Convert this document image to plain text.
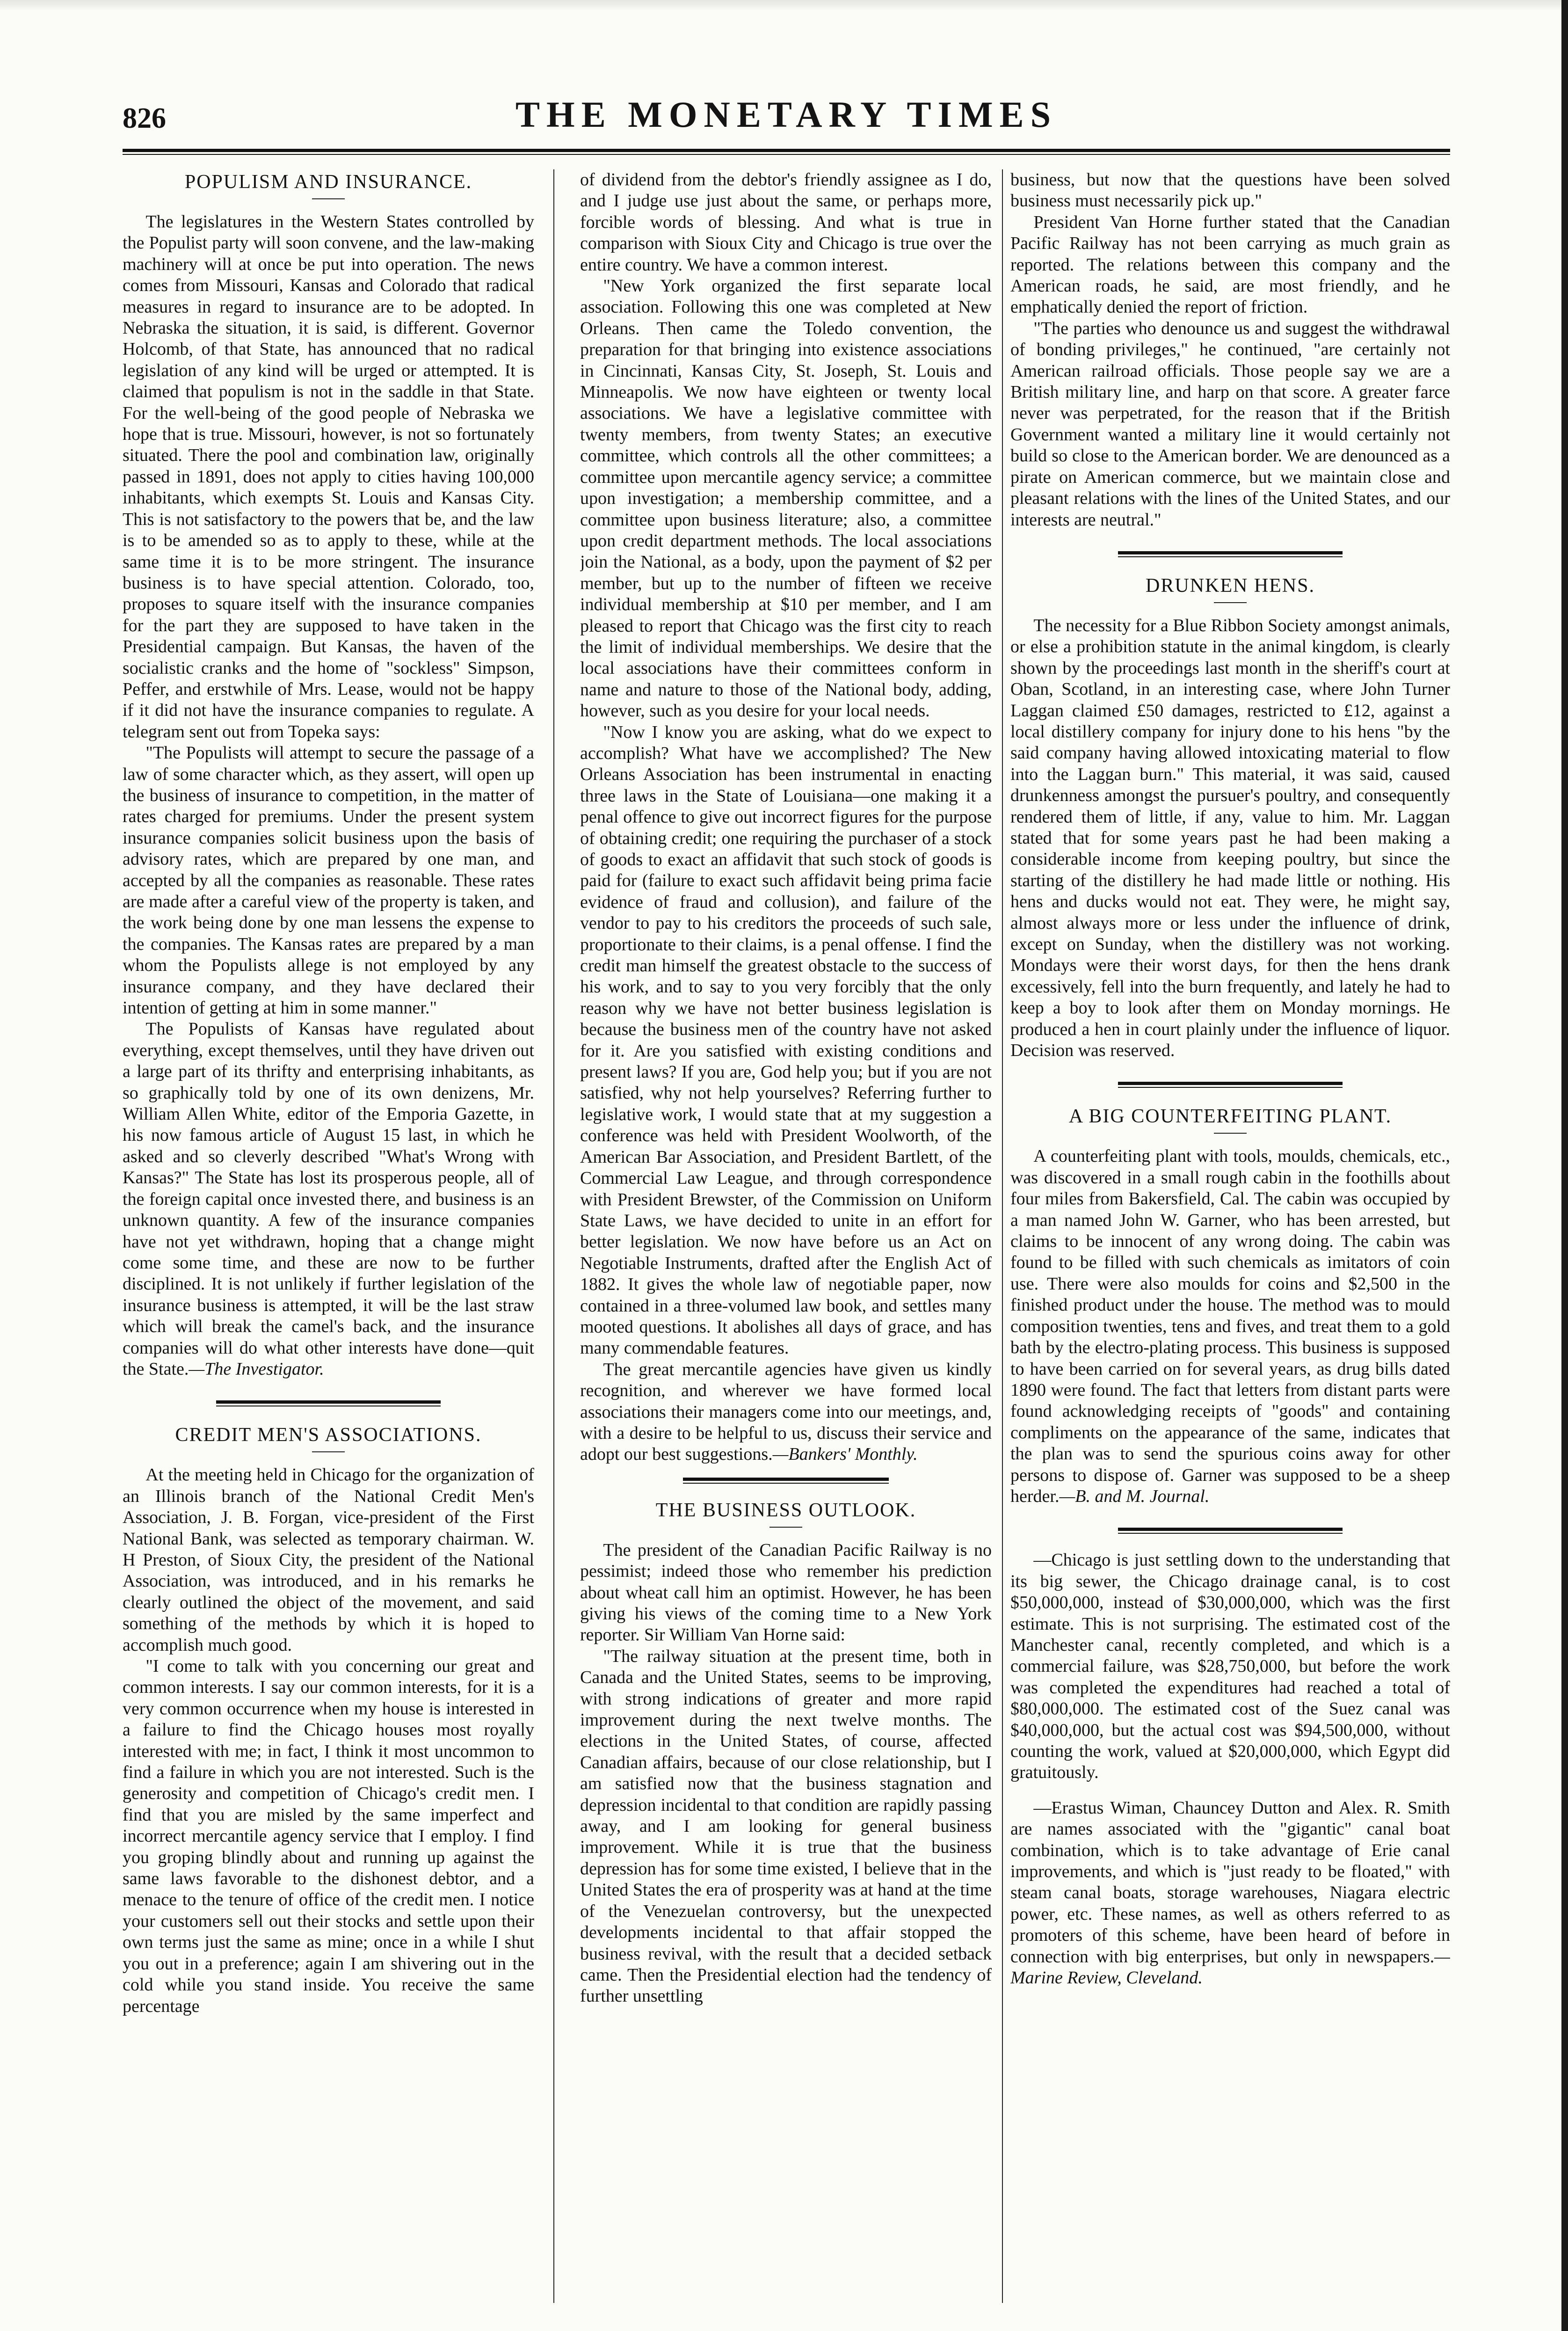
826	THE MONETARY TIMES
POPULISM AND INSURANCE.

The legislatures in the Western States controlled by the Populist party will soon convene, and the law-making machinery will at once be put into operation. The news comes from Missouri, Kansas and Colorado that radical measures in regard to insurance are to be adopted. In Nebraska the situation, it is said, is different. Governor Holcomb, of that State, has announced that no radical legislation of any kind will be urged or attempted. It is claimed that populism is not in the saddle in that State. For the well-being of the good people of Nebraska we hope that is true. Missouri, however, is not so fortunately situated. There the pool and combination law, originally passed in 1891, does not apply to cities having 100,000 inhabitants, which exempts St. Louis and Kansas City. This is not satisfactory to the powers that be, and the law is to be amended so as to apply to these, while at the same time it is to be more stringent. The insurance business is to have special attention. Colorado, too, proposes to square itself with the insurance companies for the part they are supposed to have taken in the Presidential campaign. But Kansas, the haven of the socialistic cranks and the home of "sockless" Simpson, Peffer, and erstwhile of Mrs. Lease, would not be happy if it did not have the insurance companies to regulate. A telegram sent out from Topeka says:

"The Populists will attempt to secure the passage of a law of some character which, as they assert, will open up the business of insurance to competition, in the matter of rates charged for premiums. Under the present system insurance companies solicit business upon the basis of advisory rates, which are prepared by one man, and accepted by all the companies as reasonable. These rates are made after a careful view of the property is taken, and the work being done by one man lessens the expense to the companies. The Kansas rates are prepared by a man whom the Populists allege is not employed by any insurance company, and they have declared their intention of getting at him in some manner."

The Populists of Kansas have regulated about everything, except themselves, until they have driven out a large part of its thrifty and enterprising inhabitants, as so graphically told by one of its own denizens, Mr. William Allen White, editor of the Emporia Gazette, in his now famous article of August 15 last, in which he asked and so cleverly described "What's Wrong with Kansas?" The State has lost its prosperous people, all of the foreign capital once invested there, and business is an unknown quantity. A few of the insurance companies have not yet withdrawn, hoping that a change might come some time, and these are now to be further disciplined. It is not unlikely if further legislation of the insurance business is attempted, it will be the last straw which will break the camel's back, and the insurance companies will do what other interests have done—quit the State.—The Investigator.

CREDIT MEN'S ASSOCIATIONS.

At the meeting held in Chicago for the organization of an Illinois branch of the National Credit Men's Association, J. B. Forgan, vice-president of the First National Bank, was selected as temporary chairman. W. H Preston, of Sioux City, the president of the National Association, was introduced, and in his remarks he clearly outlined the object of the movement, and said something of the methods by which it is hoped to accomplish much good.

"I come to talk with you concerning our great and common interests. I say our common interests, for it is a very common occurrence when my house is interested in a failure to find the Chicago houses most royally interested with me; in fact, I think it most uncommon to find a failure in which you are not interested. Such is the generosity and competition of Chicago's credit men. I find that you are misled by the same imperfect and incorrect mercantile agency service that I employ. I find you groping blindly about and running up against the same laws favorable to the dishonest debtor, and a menace to the tenure of office of the credit men. I notice your customers sell out their stocks and settle upon their own terms just the same as mine; once in a while I shut you out in a preference; again I am shivering out in the cold while you stand inside. You receive the same percentage

of dividend from the debtor's friendly assignee as I do, and I judge use just about the same, or perhaps more, forcible words of blessing. And what is true in comparison with Sioux City and Chicago is true over the entire country. We have a common interest.

"New York organized the first separate local association. Following this one was completed at New Orleans. Then came the Toledo convention, the preparation for that bringing into existence associations in Cincinnati, Kansas City, St. Joseph, St. Louis and Minneapolis. We now have eighteen or twenty local associations. We have a legislative committee with twenty members, from twenty States; an executive committee, which controls all the other committees; a committee upon mercantile agency service; a committee upon investigation; a membership committee, and a committee upon business literature; also, a committee upon credit department methods. The local associations join the National, as a body, upon the payment of $2 per member, but up to the number of fifteen we receive individual membership at $10 per member, and I am pleased to report that Chicago was the first city to reach the limit of individual memberships. We desire that the local associations have their committees conform in name and nature to those of the National body, adding, however, such as you desire for your local needs.

"Now I know you are asking, what do we expect to accomplish? What have we accomplished? The New Orleans Association has been instrumental in enacting three laws in the State of Louisiana—one making it a penal offence to give out incorrect figures for the purpose of obtaining credit; one requiring the purchaser of a stock of goods to exact an affidavit that such stock of goods is paid for (failure to exact such affidavit being prima facie evidence of fraud and collusion), and failure of the vendor to pay to his creditors the proceeds of such sale, proportionate to their claims, is a penal offense. I find the credit man himself the greatest obstacle to the success of his work, and to say to you very forcibly that the only reason why we have not better business legislation is because the business men of the country have not asked for it. Are you satisfied with existing conditions and present laws? If you are, God help you; but if you are not satisfied, why not help yourselves? Referring further to legislative work, I would state that at my suggestion a conference was held with President Woolworth, of the American Bar Association, and President Bartlett, of the Commercial Law League, and through correspondence with President Brewster, of the Commission on Uniform State Laws, we have decided to unite in an effort for better legislation. We now have before us an Act on Negotiable Instruments, drafted after the English Act of 1882. It gives the whole law of negotiable paper, now contained in a three-volumed law book, and settles many mooted questions. It abolishes all days of grace, and has many commendable features.

The great mercantile agencies have given us kindly recognition, and wherever we have formed local associations their managers come into our meetings, and, with a desire to be helpful to us, discuss their service and adopt our best suggestions.—Bankers' Monthly.

THE BUSINESS OUTLOOK.

The president of the Canadian Pacific Railway is no pessimist; indeed those who remember his prediction about wheat call him an optimist. However, he has been giving his views of the coming time to a New York reporter. Sir William Van Horne said:

"The railway situation at the present time, both in Canada and the United States, seems to be improving, with strong indications of greater and more rapid improvement during the next twelve months. The elections in the United States, of course, affected Canadian affairs, because of our close relationship, but I am satisfied now that the business stagnation and depression incidental to that condition are rapidly passing away, and I am looking for general business improvement. While it is true that the business depression has for some time existed, I believe that in the United States the era of prosperity was at hand at the time of the Venezuelan controversy, but the unexpected developments incidental to that affair stopped the business revival, with the result that a decided setback came. Then the Presidential election had the tendency of further unsettling

business, but now that the questions have been solved business must necessarily pick up."

President Van Horne further stated that the Canadian Pacific Railway has not been carrying as much grain as reported. The relations between this company and the American roads, he said, are most friendly, and he emphatically denied the report of friction.

"The parties who denounce us and suggest the withdrawal of bonding privileges," he continued, "are certainly not American railroad officials. Those people say we are a British military line, and harp on that score. A greater farce never was perpetrated, for the reason that if the British Government wanted a military line it would certainly not build so close to the American border. We are denounced as a pirate on American commerce, but we maintain close and pleasant relations with the lines of the United States, and our interests are neutral."

DRUNKEN HENS.

The necessity for a Blue Ribbon Society amongst animals, or else a prohibition statute in the animal kingdom, is clearly shown by the proceedings last month in the sheriff's court at Oban, Scotland, in an interesting case, where John Turner Laggan claimed £50 damages, restricted to £12, against a local distillery company for injury done to his hens "by the said company having allowed intoxicating material to flow into the Laggan burn." This material, it was said, caused drunkenness amongst the pursuer's poultry, and consequently rendered them of little, if any, value to him. Mr. Laggan stated that for some years past he had been making a considerable income from keeping poultry, but since the starting of the distillery he had made little or nothing. His hens and ducks would not eat. They were, he might say, almost always more or less under the influence of drink, except on Sunday, when the distillery was not working. Mondays were their worst days, for then the hens drank excessively, fell into the burn frequently, and lately he had to keep a boy to look after them on Monday mornings. He produced a hen in court plainly under the influence of liquor. Decision was reserved.

A BIG COUNTERFEITING PLANT.

A counterfeiting plant with tools, moulds, chemicals, etc., was discovered in a small rough cabin in the foothills about four miles from Bakersfield, Cal. The cabin was occupied by a man named John W. Garner, who has been arrested, but claims to be innocent of any wrong doing. The cabin was found to be filled with such chemicals as imitators of coin use. There were also moulds for coins and $2,500 in the finished product under the house. The method was to mould composition twenties, tens and fives, and treat them to a gold bath by the electro-plating process. This business is supposed to have been carried on for several years, as drug bills dated 1890 were found. The fact that letters from distant parts were found acknowledging receipts of "goods" and containing compliments on the appearance of the same, indicates that the plan was to send the spurious coins away for other persons to dispose of. Garner was supposed to be a sheep herder.—B. and M. Journal.

—Chicago is just settling down to the understanding that its big sewer, the Chicago drainage canal, is to cost $50,000,000, instead of $30,000,000, which was the first estimate. This is not surprising. The estimated cost of the Manchester canal, recently completed, and which is a commercial failure, was $28,750,000, but before the work was completed the expenditures had reached a total of $80,000,000. The estimated cost of the Suez canal was $40,000,000, but the actual cost was $94,500,000, without counting the work, valued at $20,000,000, which Egypt did gratuitously.

—Erastus Wiman, Chauncey Dutton and Alex. R. Smith are names associated with the "gigantic" canal boat combination, which is to take advantage of Erie canal improvements, and which is "just ready to be floated," with steam canal boats, storage warehouses, Niagara electric power, etc. These names, as well as others referred to as promoters of this scheme, have been heard of before in connection with big enterprises, but only in newspapers.—Marine Review, Cleveland.
